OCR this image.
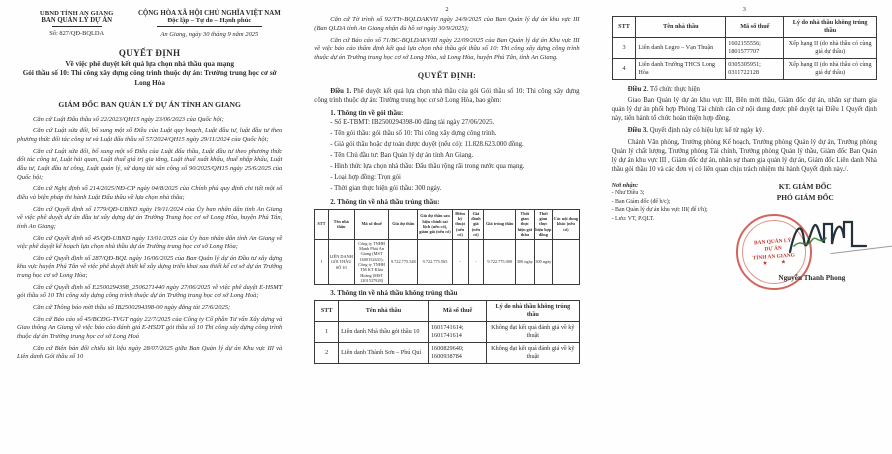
UBND TỈNH AN GIANG
BAN QUẢN LÝ DỰ ÁN
Số: 827/QĐ-BQLDA
CỘNG HÒA XÃ HỘI CHỦ NGHĨA VIỆT NAM
Độc lập – Tự do – Hạnh phúc
An Giang, ngày 30 tháng 9 năm 2025
QUYẾT ĐỊNH
Về việc phê duyệt kết quả lựa chọn nhà thầu qua mạng
Gói thầu số 10: Thi công xây dựng công trình thuộc dự án: Trường trung học cơ sở Long Hòa
GIÁM ĐỐC BAN QUẢN LÝ DỰ ÁN TỈNH AN GIANG

Căn cứ Luật Đấu thầu số 22/2023/QH15 ngày 23/06/2023 của Quốc hội;

Căn cứ Luật sửa đổi, bổ sung một số Điều của Luật quy hoạch, Luật đầu tư, luật đầu tư theo phương thức đối tác công tư và Luật đấu thầu số 57/2024/QH15 ngày 29/11/2024 của Quốc hội;

Căn cứ Luật sửa đổi, bổ sung một số Điều của Luật đấu thầu, Luật đầu tư theo phương thức đối tác công tư, Luật hải quan, Luật thuế giá trị gia tăng, Luật thuế xuất khẩu, thuế nhập khẩu, Luật đầu tư, Luật đầu tư công, Luật quản lý, sử dụng tài sản công số 90/2025/QH15 ngày 25/6/2025 của Quốc hội;

Căn cứ Nghị định số 214/2025/NĐ-CP ngày 04/8/2025 của Chính phủ quy định chi tiết một số điều và biện pháp thi hành Luật Đấu thầu về lựa chọn nhà thầu;

Căn cứ Quyết định số 1779/QĐ-UBND ngày 19/11/2024 của Ủy ban nhân dân tỉnh An Giang về việc phê duyệt dự án đầu tư xây dựng dự án Trường Trung học cơ sở Long Hòa, huyện Phú Tân, tỉnh An Giang;

Căn cứ Quyết định số 45/QĐ-UBND ngày 13/01/2025 của Ủy ban nhân dân tỉnh An Giang về việc phê duyệt kế hoạch lựa chọn nhà thầu dự án Trường trung học cơ sở Long Hòa;

Căn cứ Quyết định số 287/QĐ-BQL ngày 16/06/2025 của Ban Quản lý dự án Đầu tư xây dựng khu vực huyện Phú Tân về việc phê duyệt thiết kế xây dựng triển khai sau thiết kế cơ sở dự án Trường trung học cơ sở Long Hòa;

Căn cứ Quyết định số E2500294398_2506271440 ngày 27/06/2025 về việc phê duyệt E-HSMT gói thầu số 10 Thi công xây dựng công trình thuộc dự án Trường trung học cơ sở Long Hoà;

Căn cứ Thông báo mời thầu số IB2500294398-00 ngày đăng tải 27/6/2025;

Căn cứ Báo cáo số 45/BCĐG-TVGT ngày 22/7/2025 của Công ty Cổ phần Tư vấn Xây dựng và Giao thông An Giang về việc báo cáo đánh giá E-HSDT gói thầu số 10 Thi công xây dựng công trình thuộc dự án Trường trung học cơ sở Long Hoá

Căn cứ Biên bản đối chiếu tài liệu ngày 28/07/2025 giữa Ban Quản lý dự án Khu vực III và Liên danh Gói thầu số 10

2

Căn cứ Tờ trình số 92/TTr-BQLDAKVII ngày 24/9/2025 của Ban Quản lý dự án khu vực III (Ban QLDA tỉnh An Giang nhận đủ hồ sơ ngày 30/9/2025);

Căn cứ Báo cáo số 71/BC-BQLDAKVIII ngày 22/09/2025 của Ban Quản lý dự án Khu vực III về việc báo cáo thẩm định kết quả lựa chọn nhà thầu gói thầu số 10: Thi công xây dựng công trình thuộc dự án Trường trung học cơ sở Long Hòa, xã Long Hòa, huyện Phú Tân, tỉnh An Giang.

QUYẾT ĐỊNH:

Điều 1. Phê duyệt kết quả lựa chọn nhà thầu của gói Gói thầu số 10: Thi công xây dựng công trình thuộc dự án: Trường trung học cơ sở Long Hòa, bao gồm:

1. Thông tin về gói thầu:
- Số E-TBMT: IB2500294398-00 đăng tải ngày 27/06/2025.
- Tên gói thầu: gói thầu số 10: Thi công xây dựng công trình.
- Giá gói thầu hoặc dự toán được duyệt (nếu có): 11.828.623.000 đồng.
- Tên Chủ đầu tư: Ban Quản lý dự án tỉnh An Giang.
- Hình thức lựa chọn nhà thầu: Đấu thầu rộng rãi trong nước qua mạng.
- Loại hợp đồng: Trọn gói
- Thời gian thực hiện gói thầu: 300 ngày.
2. Thông tin về nhà thầu trúng thầu:
STT	Tên nhà thầu	Mã số thuế	Giá dự thầu	Giá dự thầu sau hiệu chỉnh sai lệch (nếu có), giảm giá (nếu có)	Điểm kỹ thuật (nếu có)	Giá đánh giá (nếu có)	Giá trúng thầu	Thời gian thực hiện gói thầu	Thời gian thực hiện hợp đồng	Các nội dung khác (nếu có)
1	LIÊN DANH GÓI THẦU SỐ 10	Công ty TNHH Mạnh Phát An Giang (MST 1600152631); Công ty TNHH TM KT Khải Hoàng (MST 1201537928)	9.722.775.548	9.722.775.565	-	-	9.722.775.000	300 ngày	300 ngày	
3. Thông tin về nhà thầu không trúng thầu
STT	Tên nhà thầu	Mã số thuế	Lý do nhà thầu không trúng thầu
1	Liên danh Nhà thầu gói thầu 10	1601741614; 1601741614	Không đạt kết quả đánh giá về kỹ thuật
2	Liên danh Thành Sơn – Phú Quí	1600829640; 1600938784	Không đạt kết quả đánh giá về kỹ thuật
3
STT	Tên nhà thầu	Mã số thuế	Lý do nhà thầu không trúng thầu
3	Liên danh Legro – Vạn Thuận	1602155556; 1801577707	Xếp hạng II (do nhà thầu có cùng giá dự thầu)
4	Liên danh Trường THCS Long Hòa	0305305951; 0311722128	Xếp hạng II (do nhà thầu có cùng giá dự thầu)
Điều 2. Tổ chức thực hiện

Giao Ban Quản lý dự án khu vực III, Bên mời thầu, Giám đốc dự án, nhân sự tham gia quản lý dự án phối hợp Phòng Tài chính căn cứ nội dung được phê duyệt tại Điều 1 Quyết định này, tiến hành tổ chức hoàn thiện hợp đồng.

Điều 3. Quyết định này có hiệu lực kể từ ngày ký.

Chánh Văn phòng, Trưởng phòng Kế hoạch, Trưởng phòng Quản lý dự án, Trưởng phòng Quản lý chất lượng, Trưởng phòng Tài chính, Trưởng phòng Quản lý thầu, Giám đốc Ban Quản lý dự án khu vực III , Giám đốc dự án, nhân sự tham gia quản lý dự án, Giám đốc Liên danh Nhà thầu gói thầu 10 và các đơn vị có liên quan chịu trách nhiệm thi hành Quyết định này./.

Nơi nhận:
- Như Điều 3;
- Ban Giám đốc (để b/c);
- Ban Quản lý dự án khu vực III( để t/h);
- Lưu: VT, P.QLT.
KT. GIÁM ĐỐC
PHÓ GIÁM ĐỐC
BAN QUẢN LÝ
DỰ ÁN
TỈNH AN GIANG
★★
Nguyễn Thanh Phong
